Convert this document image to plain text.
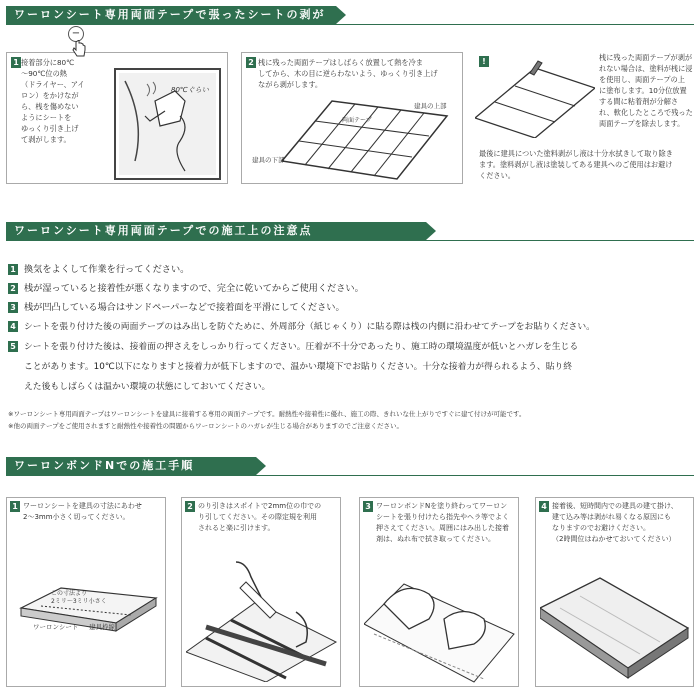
ワーロンシート専用両面テープで張ったシートの剥がし方
1 接着部分に80℃
～90℃位の熱
（ドライヤー、アイ
ロン）をかけなが
ら、桟を傷めない
ようにシートを
ゆっくり引き上げ
て剥がします。
80℃ぐらい
−
2 桟に残った両面テープはしばらく放置して熱を冷ま
してから、木の目に逆らわないよう、ゆっくり引き上げ
ながら剥がします。
建具の上部
建具の下部
両面テープ
!	桟に残った両面テープが剥が
れない場合は、塗料が桟に浸
を使用し、両面テープの上
に塗布します。10分位放置
する間に粘着剤が分解さ
れ、軟化したところで残った
両面テープを除去します。
最後に建具についた塗料剥がし液は十分水拭きして取り除き
ます。塗料剥がし液は塗装してある建具へのご使用はお避け
ください。
ワーロンシート専用両面テープでの施工上の注意点
1 換気をよくして作業を行ってください。
2 桟が湿っていると接着性が悪くなりますので、完全に乾いてからご使用ください。
3 桟が凹凸している場合はサンドペーパーなどで接着面を平滑にしてください。
4 シートを張り付けた後の両面テープのはみ出しを防ぐために、外周部分（紙じゃくり）に貼る際は桟の内側に沿わせてテープをお貼りください。
5 シートを張り付けた後は、接着面の押さえをしっかり行ってください。圧着が不十分であったり、施工時の環境温度が低いとハガレを生じる
ことがあります。10℃以下になりますと接着力が低下しますので、温かい環境下でお貼りください。十分な接着力が得られるよう、貼り終
えた後もしばらくは温かい環境の状態にしておいてください。
※ワーロンシート専用両面テープはワーロンシートを建具に接着する専用の両面テープです。耐熱性や接着性に優れ、施工の際、きれいな仕上がりですぐに建て付けが可能です。
※他の両面テープをご使用されますと耐熱性や接着性の問題からワーロンシートのハガレが生じる場合がありますのでご注意ください。
ワーロンボンドNでの施工手順
1 ワーロンシートを建具の寸法にあわせ
2～3mm小さく切ってください。
この寸法より
2ミリ～3ミリ小さく
ワーロンシート 建具枠線
2 のり引きはスポイトで2mm位の巾での
り引してください。その際定規を利用
されると楽に引けます。
3 ワーロンボンドNを塗り終わってワーロン
シートを張り付けたら指先やヘラ等でよく
押さえてください。周囲にはみ出した接着
剤は、ぬれ布で拭き取ってください。
4 接着後、短時間内での建具の建て掛け、
建て込み等は剥がれ易くなる原因にも
なりますのでお避けください。
（2時間位はねかせておいてください）
